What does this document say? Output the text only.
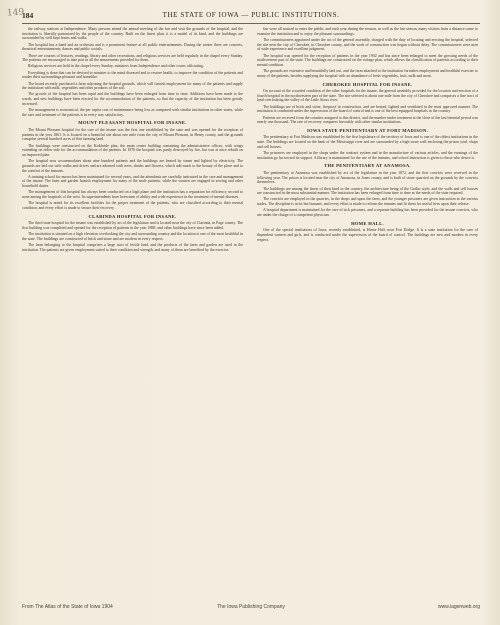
149
184	THE STATE OF IOWA — PUBLIC INSTITUTIONS.

the railway stations at Independence. Many persons attend the annual meeting of the fair and visit the grounds of the hospital, and the institution is liberally patronized by the people of the country. Built on the finest plan, it is a model of its kind, and the buildings are surrounded by well kept lawns and walks.

The hospital has a band and an orchestra and is a prominent feature at all public entertainments. During the winter there are concerts, theatrical entertainments, dances and public socials.

There are courses of lectures, readings, library and other recreations, and religious services are held regularly in the chapel every Sunday. The patients are encouraged to take part in all the amusements provided for them.

Religious services are held in the chapel every Sunday, ministers from Independence and other towns officiating.

Everything is done that can be devised to minister to the mind diseased and to restore health, to improve the condition of the patients and render their surroundings pleasant and homelike.

The board recently purchased a farm adjoining the hospital grounds, which will furnish employment for many of the patients and supply the institution with milk, vegetables and other products of the soil.

The growth of the hospital has been rapid and the buildings have been enlarged from time to time. Additions have been made to the wards, and new buildings have been erected for the accommodation of the patients, so that the capacity of the institution has been greatly increased.

The management is economical, the per capita cost of maintenance being low as compared with similar institutions in other states, while the care and treatment of the patients is in every way satisfactory.

MOUNT PLEASANT HOSPITAL FOR INSANE.

The Mount Pleasant hospital for the care of the insane was the first one established by the state and was opened for the reception of patients in the year 1861. It is located on a beautiful site about one mile from the city of Mount Pleasant, in Henry county, and the grounds comprise several hundred acres of fine farming land.

The buildings were constructed on the Kirkbride plan, the main center building containing the administrative offices, with wings extending on either side for the accommodation of the patients. In 1876 the hospital was partly destroyed by fire, but was at once rebuilt on an improved plan.

The hospital now accommodates about nine hundred patients and the buildings are heated by steam and lighted by electricity. The grounds are laid out with walks and drives and are adorned with trees, shrubs and flowers, which add much to the beauty of the place and to the comfort of the inmates.

A training school for nurses has been maintained for several years, and the attendants are carefully instructed in the care and management of the insane. The farm and garden furnish employment for many of the male patients, while the women are engaged in sewing and other household duties.

The management of this hospital has always been conducted on a high plane and the institution has a reputation for efficiency second to none among the hospitals of the west. Its superintendents have been men of ability and wide experience in the treatment of mental diseases.

The hospital is noted for its excellent facilities for the proper treatment of the patients, who are classified according to their mental condition, and every effort is made to secure their recovery.

CLARINDA HOSPITAL FOR INSANE.

The third state hospital for the insane was established by act of the legislature and is located near the city of Clarinda, in Page county. The first building was completed and opened for the reception of patients in the year 1888, and other buildings have since been added.

The institution is situated on a high elevation overlooking the city and surrounding country and the location is one of the most healthful in the state. The buildings are constructed of brick and stone and are modern in every respect.

The farm belonging to the hospital comprises a large tract of fertile land, and the products of the farm and garden are used in the institution. The patients are given employment suited to their condition and strength, and many of them are benefited by the exercise.

fair were all noticed to enter the public, and each year during the session, as well as the fair season, many visitors from a distance come to examine the institution and to enjoy the pleasant surroundings.

The commissioners appointed under the act of the general assembly, charged with the duty of locating and erecting the hospital, selected the site near the city of Cherokee, in Cherokee county, and the work of construction was begun without delay. The commissioners were men of wide experience and excellent judgment.

The hospital was opened for the reception of patients in the year 1902 and has since been enlarged to meet the growing needs of the northwestern part of the state. The buildings are constructed on the cottage plan, which allows the classification of patients according to their mental condition.

The grounds are extensive and beautifully laid out, and the farm attached to the institution furnishes employment and healthful exercise to many of the patients, besides supplying the hospital with an abundance of fresh vegetables, fruit, milk and meat.

CHEROKEE HOSPITAL FOR INSANE.

On account of the crowded condition of the other hospitals for the insane, the general assembly provided for the location and erection of a fourth hospital in the northwestern part of the state. The site selected is about one mile from the city of Cherokee and comprises a fine tract of land overlooking the valley of the Little Sioux river.

The buildings are of brick and stone, fireproof in construction, and are heated, lighted and ventilated in the most approved manner. The institution is conducted under the supervision of the board of control and is one of the best equipped hospitals in the country.

Patients are received from the counties assigned to this district, and the number under treatment at the close of the last biennial period was nearly one thousand. The rate of recovery compares favorably with other similar institutions.

IOWA STATE PENITENTIARY AT FORT MADISON.

The penitentiary at Fort Madison was established by the first legislature of the territory of Iowa and is one of the oldest institutions in the state. The buildings are located on the bank of the Mississippi river and are surrounded by a high stone wall enclosing the prison yard, shops and cell houses.

The prisoners are employed in the shops under the contract system and in the manufacture of various articles, and the earnings of the institution go far toward its support. A library is maintained for the use of the inmates, and school instruction is given to those who desire it.

THE PENITENTIARY AT ANAMOSA.

The penitentiary at Anamosa was established by act of the legislature in the year 1872, and the first convicts were received in the following year. The prison is located near the city of Anamosa, in Jones county, and is built of stone quarried on the grounds by the convicts themselves.

The buildings are among the finest of their kind in the country, the architecture being of the Gothic style, and the walls and cell houses are constructed in the most substantial manner. The institution has been enlarged from time to time as the needs of the state required.

The convicts are employed in the quarries, in the shops and upon the farm, and the younger prisoners are given instruction in the various trades. The discipline is strict but humane, and every effort is made to reform the inmates and fit them for useful lives upon their release.

A hospital department is maintained for the care of sick prisoners, and a separate building has been provided for the insane convicts, who are under the charge of a competent physician.

HOME HALL.

One of the special institutions of Iowa, recently established, is Home Hall, near Fort Dodge. It is a state institution for the care of dependent women and girls, and is conducted under the supervision of the board of control. The buildings are new and modern in every respect.

From The Atlas of the State of Iowa 1904	The Iowa Publishing Company	www.iagenweb.org
